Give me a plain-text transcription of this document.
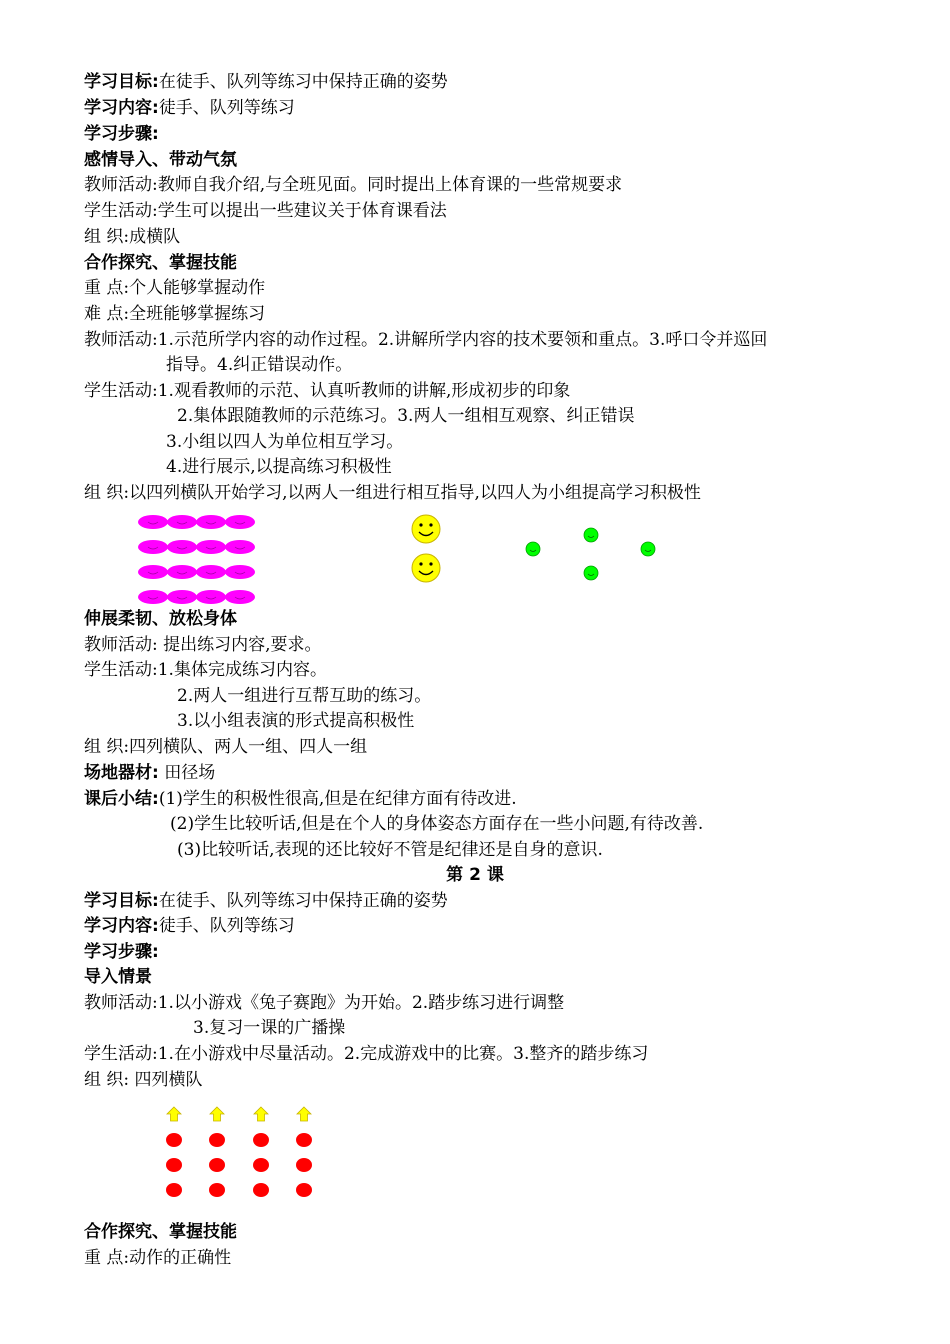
学习目标:在徒手、队列等练习中保持正确的姿势
学习内容:徒手、队列等练习
学习步骤:
感情导入、带动气氛
教师活动:教师自我介绍,与全班见面。同时提出上体育课的一些常规要求
学生活动:学生可以提出一些建议关于体育课看法
组 织:成横队
合作探究、掌握技能
重 点:个人能够掌握动作
难 点:全班能够掌握练习
教师活动:1.示范所学内容的动作过程。2.讲解所学内容的技术要领和重点。3.呼口令并巡回
指导。4.纠正错误动作。
学生活动:1.观看教师的示范、认真听教师的讲解,形成初步的印象
2.集体跟随教师的示范练习。3.两人一组相互观察、纠正错误
3.小组以四人为单位相互学习。
4.进行展示,以提高练习积极性
组 织:以四列横队开始学习,以两人一组进行相互指导,以四人为小组提高学习积极性
伸展柔韧、放松身体
教师活动: 提出练习内容,要求。
学生活动:1.集体完成练习内容。
2.两人一组进行互帮互助的练习。
3.以小组表演的形式提高积极性
组 织:四列横队、两人一组、四人一组
场地器材: 田径场
课后小结:(1)学生的积极性很高,但是在纪律方面有待改进.
(2)学生比较听话,但是在个人的身体姿态方面存在一些小问题,有待改善.
(3)比较听话,表现的还比较好不管是纪律还是自身的意识.
第 2 课
学习目标:在徒手、队列等练习中保持正确的姿势
学习内容:徒手、队列等练习
学习步骤:
导入情景
教师活动:1.以小游戏《兔子赛跑》为开始。2.踏步练习进行调整
3.复习一课的广播操
学生活动:1.在小游戏中尽量活动。2.完成游戏中的比赛。3.整齐的踏步练习
组 织: 四列横队
合作探究、掌握技能
重 点:动作的正确性
